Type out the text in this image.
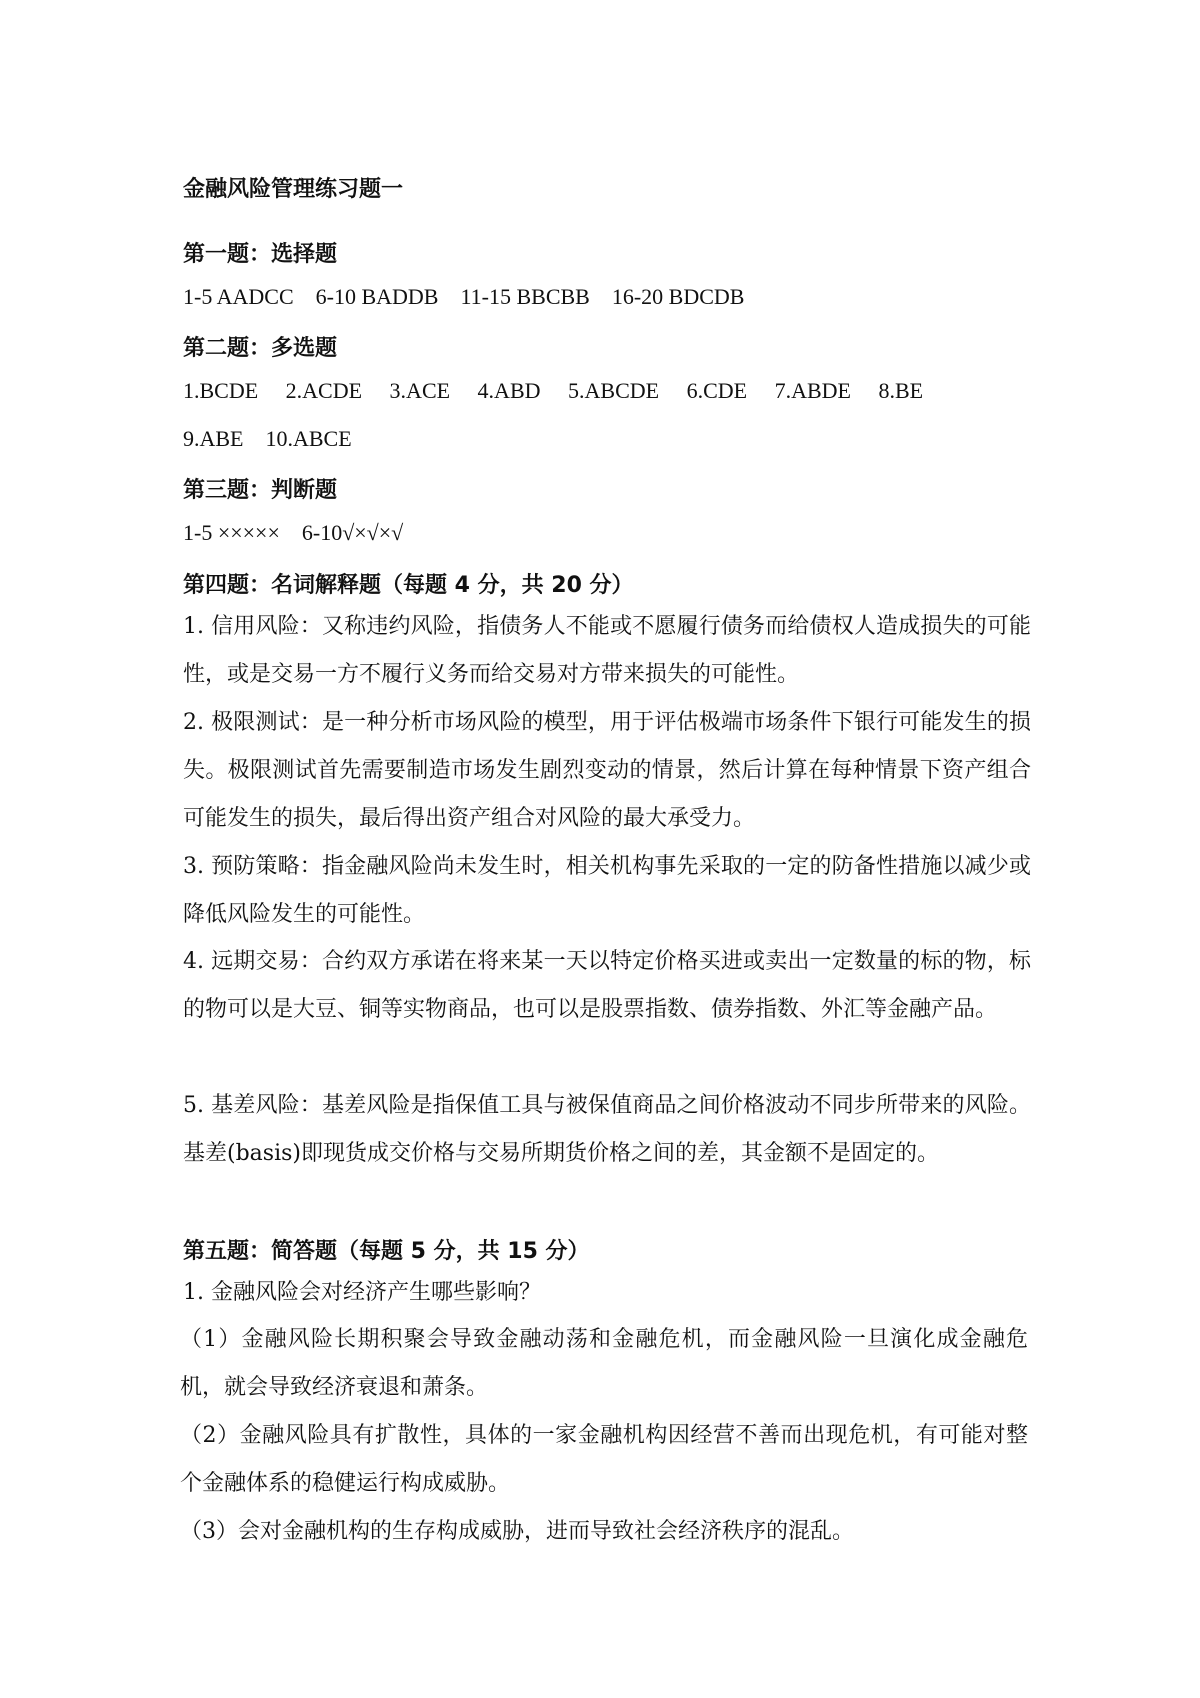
金融风险管理练习题一
第一题：选择题
1-5 AADCC    6-10 BADDB    11-15 BBCBB    16-20 BDCDB
第二题：多选题
1.BCDE     2.ACDE     3.ACE     4.ABD     5.ABCDE     6.CDE     7.ABDE     8.BE
9.ABE    10.ABCE
第三题：判断题
1-5 ×××××    6-10√×√×√
第四题：名词解释题（每题 4 分，共 20 分）
1. 信用风险：又称违约风险，指债务人不能或不愿履行债务而给债权人造成损失的可能性，或是交易一方不履行义务而给交易对方带来损失的可能性。
2. 极限测试：是一种分析市场风险的模型，用于评估极端市场条件下银行可能发生的损失。极限测试首先需要制造市场发生剧烈变动的情景，然后计算在每种情景下资产组合可能发生的损失，最后得出资产组合对风险的最大承受力。
3. 预防策略：指金融风险尚未发生时，相关机构事先采取的一定的防备性措施以减少或降低风险发生的可能性。
4. 远期交易：合约双方承诺在将来某一天以特定价格买进或卖出一定数量的标的物，标的物可以是大豆、铜等实物商品，也可以是股票指数、债券指数、外汇等金融产品。
5. 基差风险：基差风险是指保值工具与被保值商品之间价格波动不同步所带来的风险。基差(basis)即现货成交价格与交易所期货价格之间的差，其金额不是固定的。
第五题：简答题（每题 5 分，共 15 分）
1. 金融风险会对经济产生哪些影响？
（1）金融风险长期积聚会导致金融动荡和金融危机，而金融风险一旦演化成金融危机，就会导致经济衰退和萧条。
（2）金融风险具有扩散性，具体的一家金融机构因经营不善而出现危机，有可能对整个金融体系的稳健运行构成威胁。
（3）会对金融机构的生存构成威胁，进而导致社会经济秩序的混乱。
